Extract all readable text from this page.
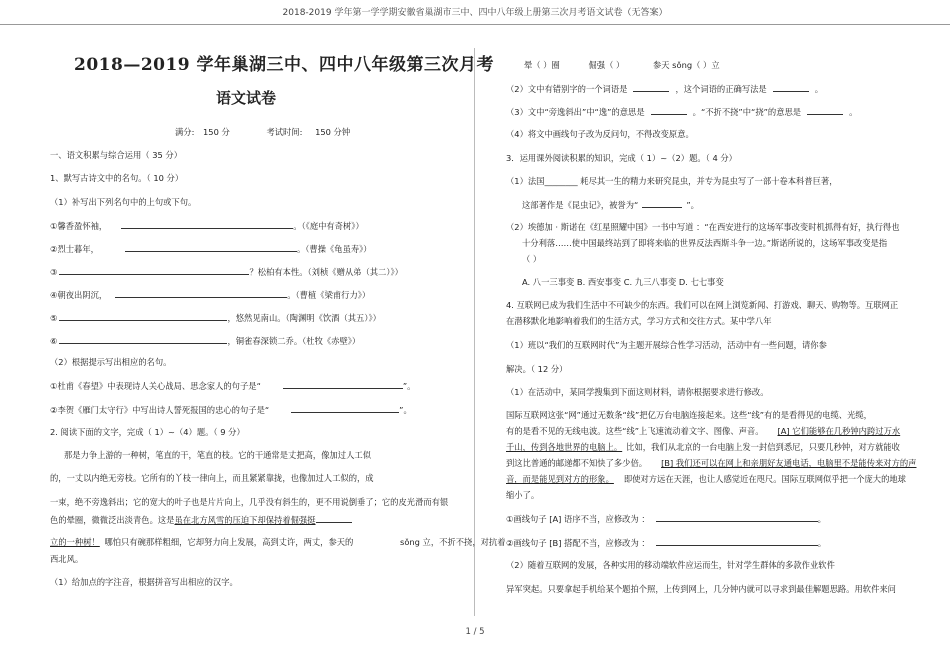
2018-2019 学年第一学学期安徽省巢湖市三中、四中八年级上册第三次月考语文试卷（无答案）
2018—2019 学年巢湖三中、四中八年级第三次月考
语文试卷
满分: 150 分	考试时间: 150 分钟
一、语文积累与综合运用（ 35 分）
1、默写古诗文中的名句。（ 10 分）
（1）补写出下列名句中的上句或下句。
①馨香盈怀袖，	。（《庭中有奇树》）
②烈士暮年，	。（曹操《龟虽寿》）
③	？松柏有本性。（刘桢《赠从弟（其二）》）
④朝夜出阴沉，	。（曹植《梁甫行力》）
⑤	，悠然见南山。（陶渊明《饮酒（其五）》）
⑥	，铜雀春深锁二乔。（杜牧《赤壁》）
（2）根据提示写出相应的名句。
①杜甫《春望》中表现诗人关心战局、思念家人的句子是“	”。
②李贺《雁门太守行》中写出诗人誓死报国的忠心的句子是“	”。
2. 阅读下面的文字，完成（ 1）~（4）题。（ 9 分）
那是力争上游的一种树，笔直的干，笔直的枝。它的干通常是丈把高，像加过人工似
的，一丈以内绝无旁枝。它所有的丫枝一律向上，而且紧紧靠拢，也像加过人工似的，成
一束，绝不旁逸斜出；它的宽大的叶子也是片片向上，几乎没有斜生的，更不用说倒垂了；它的皮光滑而有银
色的晕圈，微微泛出淡青色。这是虽在北方风雪的压迫下却保持着倔强挺
立的一种树！ 哪怕只有碗那样粗细，它却努力向上发展，高到丈许，两丈，参天的	sǒng 立，不折不挠，对抗着
西北风。
（1）给加点的字注音，根据拼音写出相应的汉字。
晕（ ）圈	倔强（ ）	参天 sǒng（ ）立
（2）文中有错别字的一个词语是	，这个词语的正确写法是	。
（3）文中“旁逸斜出”中“逸”的意思是	。“不折不挠”中“挠”的意思是	。
（4）将文中画线句子改为反问句，不得改变原意。
3．运用课外阅读积累的知识，完成（ 1）~（2）题。（ 4 分）
（1）法国________ 耗尽其一生的精力来研究昆虫，并专为昆虫写了一部十卷本科普巨著，
这部著作是《昆虫记》，被誉为“	”。
（2）埃德加 · 斯诺在《红星照耀中国》一书中写道 ：“在西安进行的这场军事改变时机抓得有好，执行得也
十分利落……使中国最终站到了即将来临的世界反法西斯斗争一边。”斯诺所说的，这场军事改变是指
（ ）
A. 八一三事变 B. 西安事变 C. 九三八事变 D. 七七事变
4. 互联网已成为我们生活中不可缺少的东西。我们可以在网上浏览新闻、打游戏、聊天、购物等。互联网正
在潜移默化地影响着我们的生活方式，学习方式和交往方式。某中学八年
（1）班以“我们的互联网时代”为主题开展综合性学习活动，活动中有一些问题，请你参
解决。（ 12 分）
（1）在活动中，某同学搜集到下面这则材料，请你根据要求进行修改。
国际互联网这张“网”通过无数条“线”把亿万台电脑连接起来。这些“线”有的是看得见的电缆、光缆，
有的是看不见的无线电波。这些“线”上飞速流动着文字、图像、声音。 [A] 它们能够在几秒钟内跨过万水
千山，传到各地世界的电脑上。 比如，我们从北京的一台电脑上发一封信到悉尼，只要几秒钟，对方就能收
到这比普通的邮递都不知快了多少倍。 [B] 我们还可以在网上和亲朋好友通电话，电脑里不是能传来对方的声
音，而是能见到对方的形象。 即使对方远在天涯，也让人感觉近在咫尺。国际互联网似乎把一个庞大的地球
缩小了。
①画线句子 [A] 语序不当，应修改为 ：	。
②画线句子 [B] 搭配不当，应修改为 ：	。
（2）随着互联网的发展，各种实用的移动端软件应运而生，针对学生群体的多款作业软件
异军突起。只要拿起手机给某个题拍个照，上传到网上，几分钟内就可以寻求到最佳解题思路。用软件来问
1 / 5
